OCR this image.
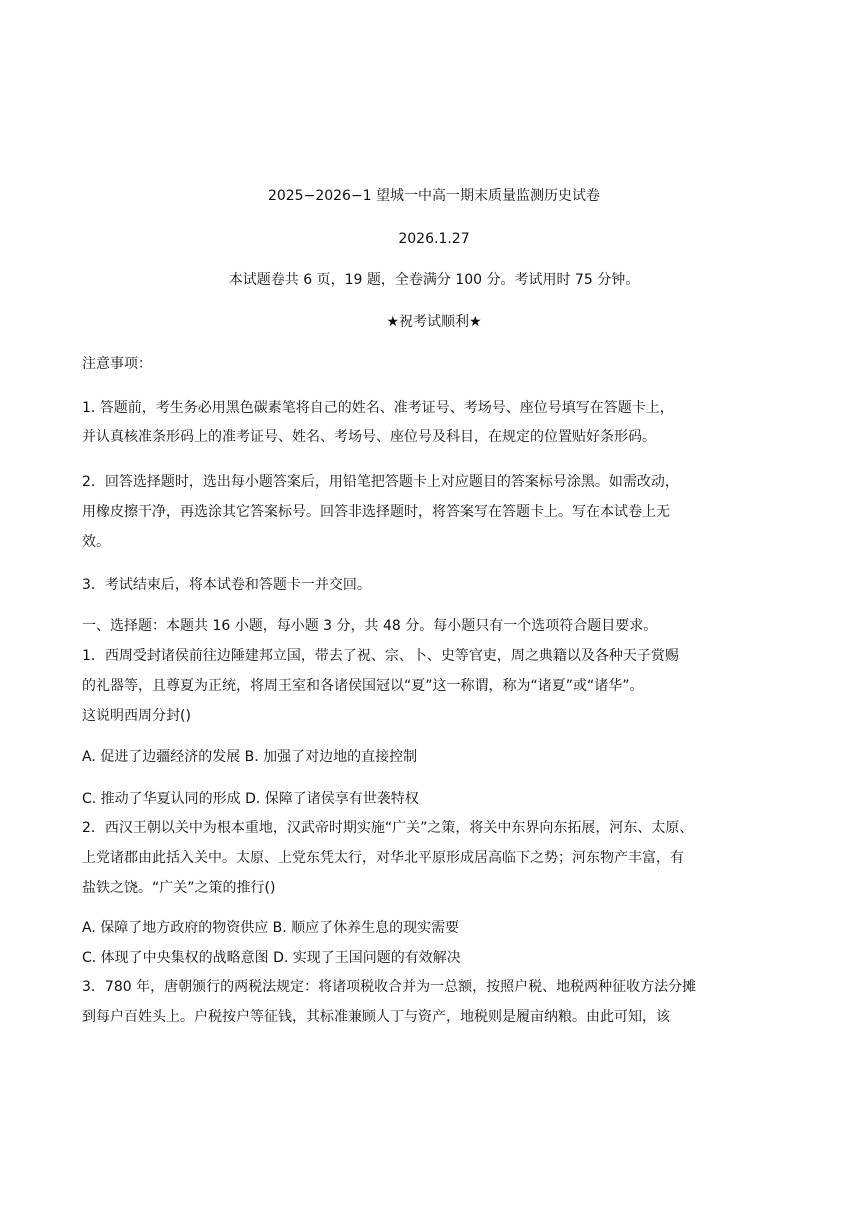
2025−2026−1 望城一中高一期末质量监测历史试卷
2026.1.27
本试题卷共 6 页，19 题，全卷满分 100 分。考试用时 75 分钟。
★祝考试顺利★
注意事项：
1. 答题前，考生务必用黑色碳素笔将自己的姓名、准考证号、考场号、座位号填写在答题卡上，
并认真核准条形码上的准考证号、姓名、考场号、座位号及科目，在规定的位置贴好条形码。
2．回答选择题时，选出每小题答案后，用铅笔把答题卡上对应题目的答案标号涂黑。如需改动，
用橡皮擦干净，再选涂其它答案标号。回答非选择题时，将答案写在答题卡上。写在本试卷上无
效。
3．考试结束后，将本试卷和答题卡一并交回。
一、选择题：本题共 16 小题，每小题 3 分，共 48 分。每小题只有一个选项符合题目要求。
1．西周受封诸侯前往边陲建邦立国，带去了祝、宗、卜、史等官吏，周之典籍以及各种天子赏赐
的礼器等，且尊夏为正统，将周王室和各诸侯国冠以“夏”这一称谓，称为“诸夏”或“诸华”。
这说明西周分封()
A. 促进了边疆经济的发展 B. 加强了对边地的直接控制
C. 推动了华夏认同的形成 D. 保障了诸侯享有世袭特权
2．西汉王朝以关中为根本重地，汉武帝时期实施“广关”之策，将关中东界向东拓展，河东、太原、
上党诸郡由此括入关中。太原、上党东凭太行，对华北平原形成居高临下之势；河东物产丰富，有
盐铁之饶。“广关”之策的推行()
A. 保障了地方政府的物资供应 B. 顺应了休养生息的现实需要
C. 体现了中央集权的战略意图 D. 实现了王国问题的有效解决
3．780 年，唐朝颁行的两税法规定：将诸项税收合并为一总额，按照户税、地税两种征收方法分摊
到每户百姓头上。户税按户等征钱，其标准兼顾人丁与资产，地税则是履亩纳粮。由此可知，该
